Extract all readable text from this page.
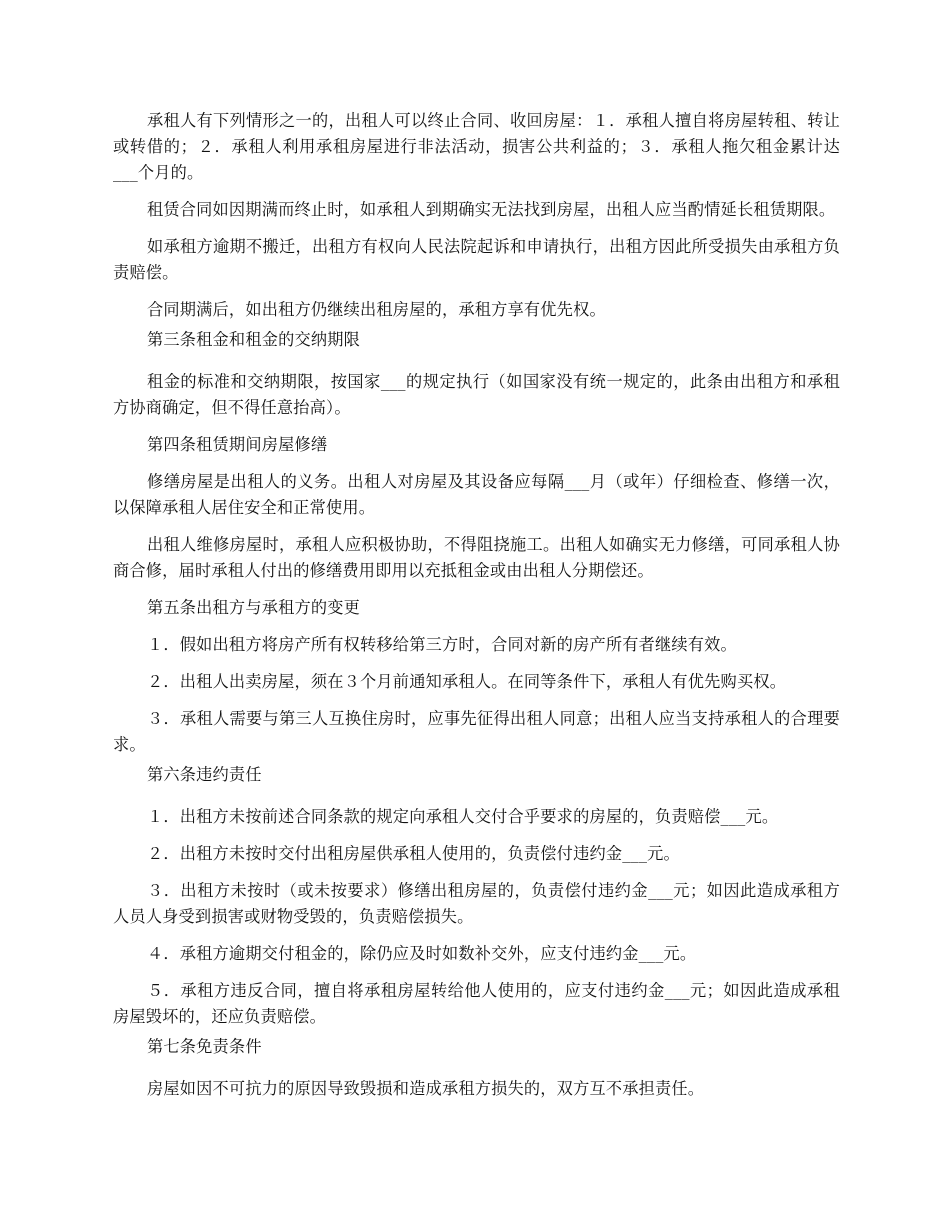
承租人有下列情形之一的，出租人可以终止合同、收回房屋：１．承租人擅自将房屋转租、转让或转借的；２．承租人利用承租房屋进行非法活动，损害公共利益的；３．承租人拖欠租金累计达___个月的。

租赁合同如因期满而终止时，如承租人到期确实无法找到房屋，出租人应当酌情延长租赁期限。

如承租方逾期不搬迁，出租方有权向人民法院起诉和申请执行，出租方因此所受损失由承租方负责赔偿。

合同期满后，如出租方仍继续出租房屋的，承租方享有优先权。

第三条租金和租金的交纳期限

租金的标准和交纳期限，按国家___的规定执行（如国家没有统一规定的，此条由出租方和承租方协商确定，但不得任意抬高）。

第四条租赁期间房屋修缮

修缮房屋是出租人的义务。出租人对房屋及其设备应每隔___月（或年）仔细检查、修缮一次，以保障承租人居住安全和正常使用。

出租人维修房屋时，承租人应积极协助，不得阻挠施工。出租人如确实无力修缮，可同承租人协商合修，届时承租人付出的修缮费用即用以充抵租金或由出租人分期偿还。

第五条出租方与承租方的变更

１．假如出租方将房产所有权转移给第三方时，合同对新的房产所有者继续有效。

２．出租人出卖房屋，须在３个月前通知承租人。在同等条件下，承租人有优先购买权。

３．承租人需要与第三人互换住房时，应事先征得出租人同意；出租人应当支持承租人的合理要求。

第六条违约责任

１．出租方未按前述合同条款的规定向承租人交付合乎要求的房屋的，负责赔偿___元。

２．出租方未按时交付出租房屋供承租人使用的，负责偿付违约金___元。

３．出租方未按时（或未按要求）修缮出租房屋的，负责偿付违约金___元；如因此造成承租方人员人身受到损害或财物受毁的，负责赔偿损失。

４．承租方逾期交付租金的，除仍应及时如数补交外，应支付违约金___元。

５．承租方违反合同，擅自将承租房屋转给他人使用的，应支付违约金___元；如因此造成承租房屋毁坏的，还应负责赔偿。

第七条免责条件

房屋如因不可抗力的原因导致毁损和造成承租方损失的，双方互不承担责任。
